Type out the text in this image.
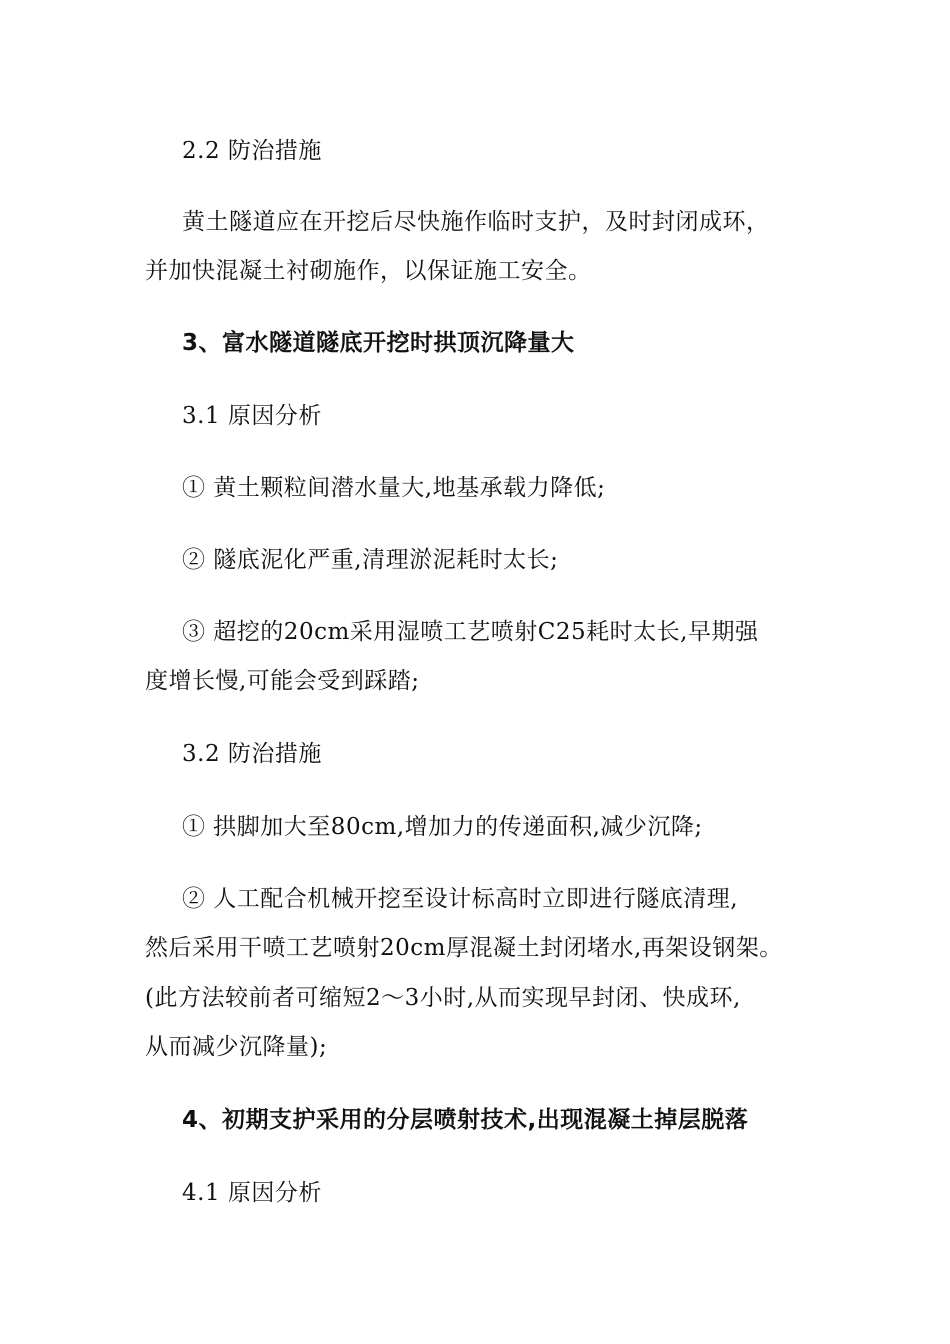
2.2 防治措施
黄土隧道应在开挖后尽快施作临时支护，及时封闭成环，
并加快混凝土衬砌施作，以保证施工安全。
3、富水隧道隧底开挖时拱顶沉降量大
3.1 原因分析
① 黄土颗粒间潜水量大,地基承载力降低;
② 隧底泥化严重,清理淤泥耗时太长;
③ 超挖的20cm采用湿喷工艺喷射C25耗时太长,早期强
度增长慢,可能会受到踩踏;
3.2 防治措施
① 拱脚加大至80cm,增加力的传递面积,减少沉降;
② 人工配合机械开挖至设计标高时立即进行隧底清理,
然后采用干喷工艺喷射20cm厚混凝土封闭堵水,再架设钢架。
(此方法较前者可缩短2～3小时,从而实现早封闭、快成环,
从而减少沉降量);
4、初期支护采用的分层喷射技术,出现混凝土掉层脱落
4.1 原因分析
